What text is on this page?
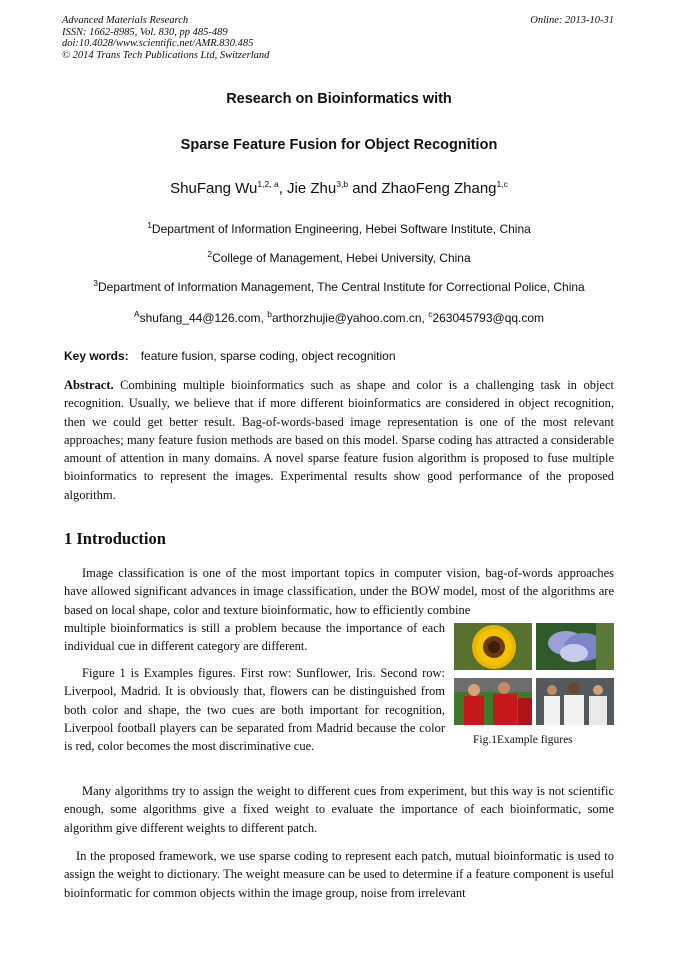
Advanced Materials Research
ISSN: 1662-8985, Vol. 830, pp 485-489
doi:10.4028/www.scientific.net/AMR.830.485
© 2014 Trans Tech Publications Ltd, Switzerland
Online: 2013-10-31
Research on Bioinformatics with
Sparse Feature Fusion for Object Recognition
ShuFang Wu$^{1,2, a}$, Jie Zhu$^{3,b}$ and ZhaoFeng Zhang$^{1,c}$
$^1$Department of Information Engineering, Hebei Software Institute, China
$^2$College of Management, Hebei University, China
$^3$Department of Information Management, The Central Institute for Correctional Police, China
$^A$shufang_44@126.com, $^b$arthorzhujie@yahoo.com.cn, $^c$263045793@qq.com
Key words: feature fusion, sparse coding, object recognition

Abstract. Combining multiple bioinformatics such as shape and color is a challenging task in object recognition. Usually, we believe that if more different bioinformatics are considered in object recognition, then we could get better result. Bag-of-words-based image representation is one of the most relevant approaches; many feature fusion methods are based on this model. Sparse coding has attracted a considerable amount of attention in many domains. A novel sparse feature fusion algorithm is proposed to fuse multiple bioinformatics to represent the images. Experimental results show good performance of the proposed algorithm.

1 Introduction

Image classification is one of the most important topics in computer vision, bag-of-words approaches have allowed significant advances in image classification, under the BOW model, most of the algorithms are based on local shape, color and texture bioinformatic, how to efficiently combine

multiple bioinformatics is still a problem because the importance of each individual cue in different category are different.

Figure 1 is Examples figures. First row: Sunflower, Iris. Second row: Liverpool, Madrid. It is obviously that, flowers can be distinguished from both color and shape, the two cues are both important for recognition, Liverpool football players can be separated from Madrid because the color is red, color becomes the most discriminative cue.

Many algorithms try to assign the weight to different cues from experiment, but this way is not scientific enough, some algorithms give a fixed weight to evaluate the importance of each bioinformatic, some algorithm give different weights to different patch.

In the proposed framework, we use sparse coding to represent each patch, mutual bioinformatic is used to assign the weight to dictionary. The weight measure can be used to determine if a feature component is useful bioinformatic for common objects within the image group, noise from irrelevant

Fig.1Example figures
